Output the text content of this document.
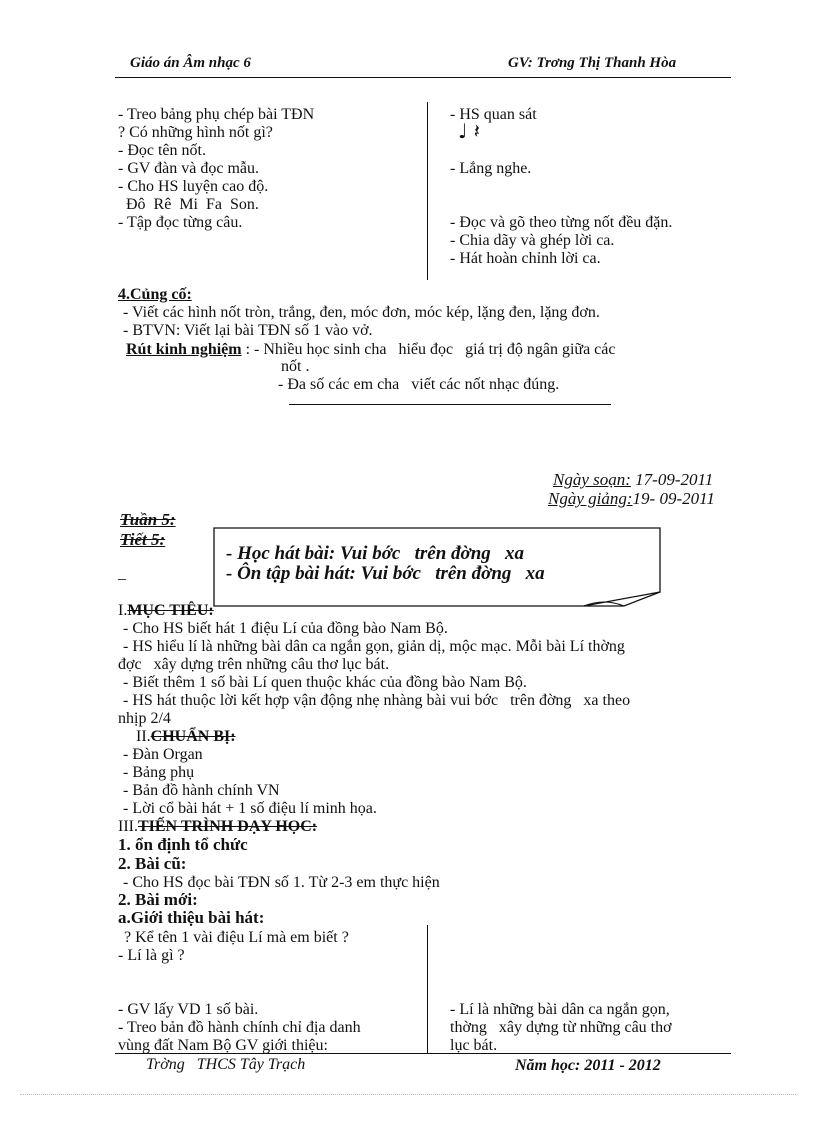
Giáo án Âm nhạc 6	GV: Trơng Thị Thanh Hòa
- Treo bảng phụ chép bài TĐN
? Có những hình nốt gì?
- Đọc tên nốt.
- GV đàn và đọc mẫu.
- Cho HS luyện cao độ.
Đô  Rê  Mi  Fa  Son.
- Tập đọc từng câu.
- HS quan sát
♩ 𝄽
- Lắng nghe.
- Đọc và gõ theo từng nốt đều đặn.
- Chia dãy và ghép lời ca.
- Hát hoàn chỉnh lời ca.
4.Củng cố:
- Viết các hình nốt tròn, trắng, đen, móc đơn, móc kép, lặng đen, lặng đơn.
- BTVN: Viết lại bài TĐN số 1 vào vở.
Rút kinh nghiệm : - Nhiều học sinh cha   hiểu đọc   giá trị độ ngân giữa các
nốt .
- Đa số các em cha   viết các nốt nhạc đúng.
Ngày soạn: 17-09-2011
Ngày giảng:19- 09-2011
Tuần 5:
Tiết 5:
_
- Học hát bài: Vui bớc   trên đờng   xa
- Ôn tập bài hát: Vui bớc   trên đờng   xa
I.MỤC TIÊU:
- Cho HS biết hát 1 điệu Lí của đồng bào Nam Bộ.
- HS hiểu lí là những bài dân ca ngắn gọn, giản dị, mộc mạc. Mỗi bài Lí thờng
đợc   xây dựng trên những câu thơ lục bát.
- Biết thêm 1 số bài Lí quen thuộc khác của đồng bào Nam Bộ.
- HS hát thuộc lời kết hợp vận động nhẹ nhàng bài vui bớc   trên đờng   xa theo
nhịp 2/4
II.CHUẨN BỊ:
- Đàn Organ
- Bảng phụ
- Bản đồ hành chính VN
- Lời cổ bài hát + 1 số điệu lí minh họa.
III.TIẾN TRÌNH DẠY HỌC:
1. ổn định tổ chức
2. Bài cũ:
- Cho HS đọc bài TĐN số 1. Từ 2-3 em thực hiện
2. Bài mới:
a.Giới thiệu bài hát:
? Kể tên 1 vài điệu Lí mà em biết ?
- Lí là gì ?
- GV lấy VD 1 số bài.
- Treo bản đồ hành chính chỉ địa danh
vùng đất Nam Bộ GV giới thiệu:
- Lí là những bài dân ca ngắn gọn,
thờng   xây dựng từ những câu thơ
lục bát.
Trờng   THCS Tây Trạch	Năm học: 2011 - 2012
